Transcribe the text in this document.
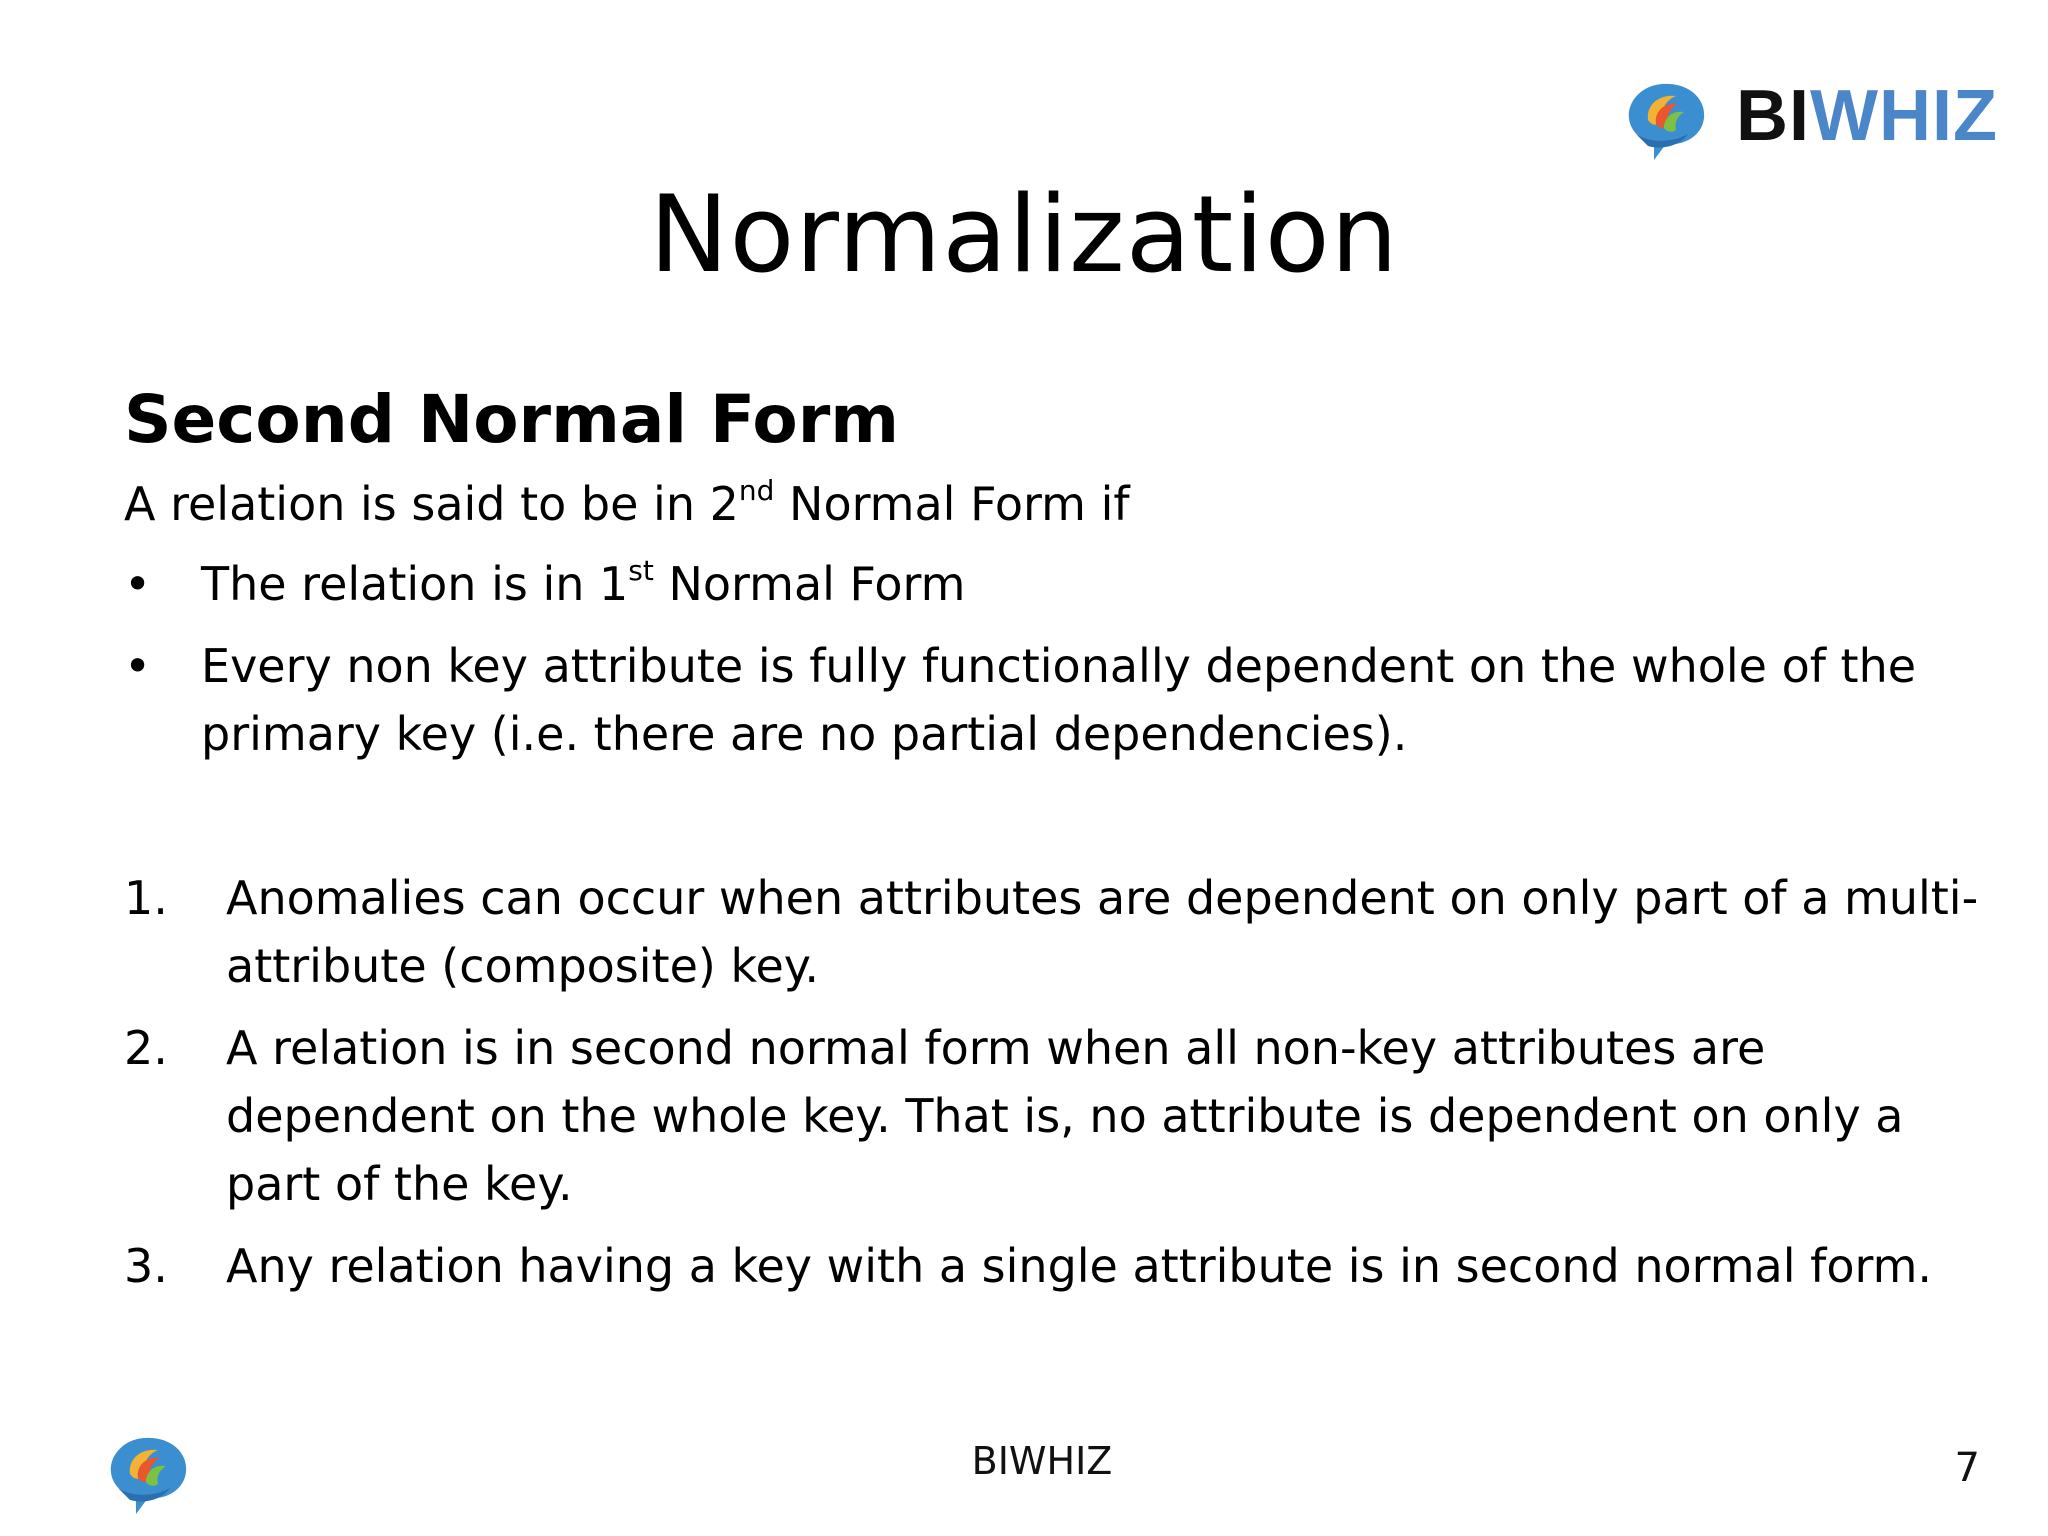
BIWHIZ
Normalization
Second Normal Form

A relation is said to be in 2nd Normal Form if

• The relation is in 1st Normal Form
• Every non key attribute is fully functionally dependent on the whole of the primary key (i.e. there are no partial dependencies).
1. Anomalies can occur when attributes are dependent on only part of a multi-attribute (composite) key.
2. A relation is in second normal form when all non-key attributes are dependent on the whole key. That is, no attribute is dependent on only a part of the key.
3. Any relation having a key with a single attribute is in second normal form.
BIWHIZ	7
